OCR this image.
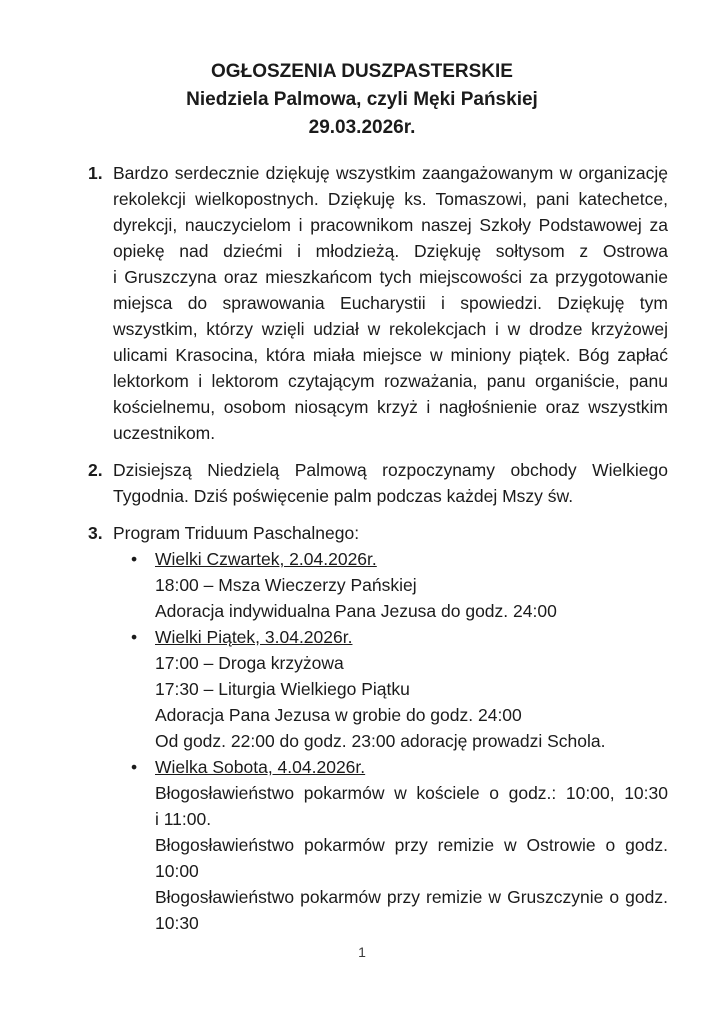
OGŁOSZENIA DUSZPASTERSKIE
Niedziela Palmowa, czyli Męki Pańskiej
29.03.2026r.
1. Bardzo serdecznie dziękuję wszystkim zaangażowanym w organizację rekolekcji wielkopostnych. Dziękuję ks. Tomaszowi, pani katechetce, dyrekcji, nauczycielom i pracownikom naszej Szkoły Podstawowej za opiekę nad dziećmi i młodzieżą. Dziękuję sołtysom z Ostrowa i Gruszczyna oraz mieszkańcom tych miejscowości za przygotowanie miejsca do sprawowania Eucharystii i spowiedzi. Dziękuję tym wszystkim, którzy wzięli udział w rekolekcjach i w drodze krzyżowej ulicami Krasocina, która miała miejsce w miniony piątek. Bóg zapłać lektorkom i lektorom czytającym rozważania, panu organiście, panu kościelnemu, osobom niosącym krzyż i nagłośnienie oraz wszystkim uczestnikom.
2. Dzisiejszą Niedzielą Palmową rozpoczynamy obchody Wielkiego Tygodnia. Dziś poświęcenie palm podczas każdej Mszy św.
3. Program Triduum Paschalnego:
• Wielki Czwartek, 2.04.2026r.
18:00 – Msza Wieczerzy Pańskiej
Adoracja indywidualna Pana Jezusa do godz. 24:00
• Wielki Piątek, 3.04.2026r.
17:00 – Droga krzyżowa
17:30 – Liturgia Wielkiego Piątku
Adoracja Pana Jezusa w grobie do godz. 24:00
Od godz. 22:00 do godz. 23:00 adorację prowadzi Schola.
• Wielka Sobota, 4.04.2026r.
Błogosławieństwo pokarmów w kościele o godz.: 10:00, 10:30 i 11:00.
Błogosławieństwo pokarmów przy remizie w Ostrowie o godz. 10:00
Błogosławieństwo pokarmów przy remizie w Gruszczynie o godz. 10:30
1
